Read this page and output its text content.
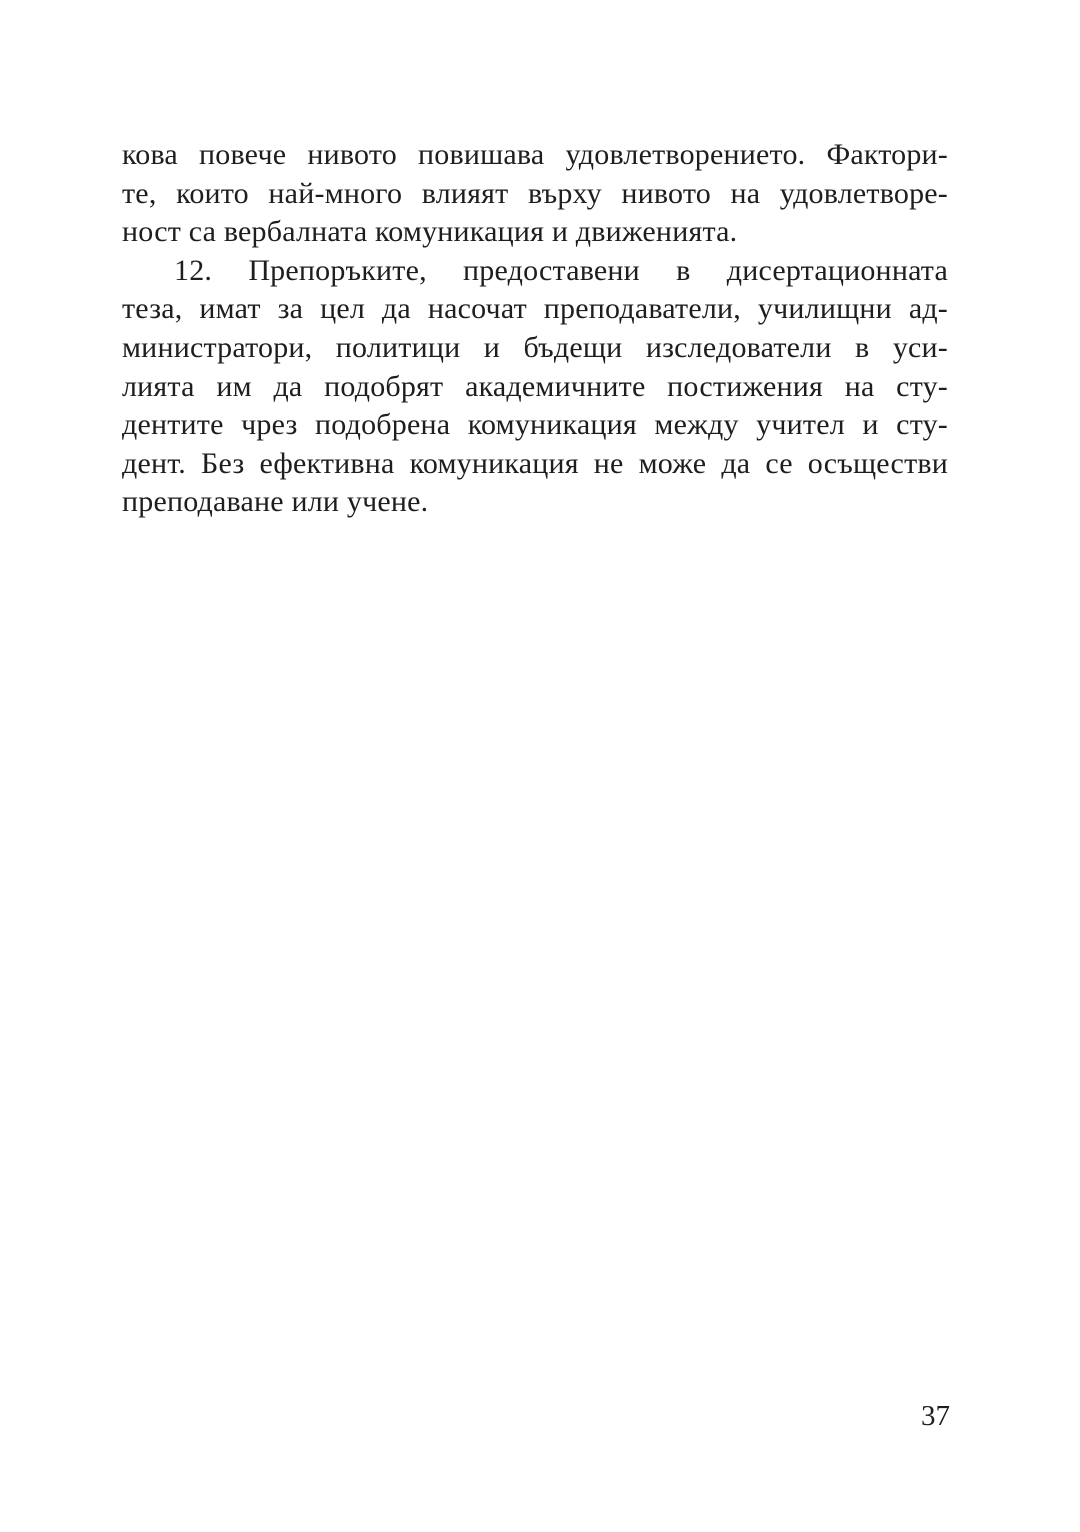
кова повече нивото повишава удовлетворението. Фактори-
те, които най-много влияят върху нивото на удовлетворе-
ност са вербалната комуникация и движенията.
12. Препоръките, предоставени в дисертационната
теза, имат за цел да насочат преподаватели, училищни ад-
министратори, политици и бъдещи изследователи в уси-
лията им да подобрят академичните постижения на сту-
дентите чрез подобрена комуникация между учител и сту-
дент. Без ефективна комуникация не може да се осъществи
преподаване или учене.
37
